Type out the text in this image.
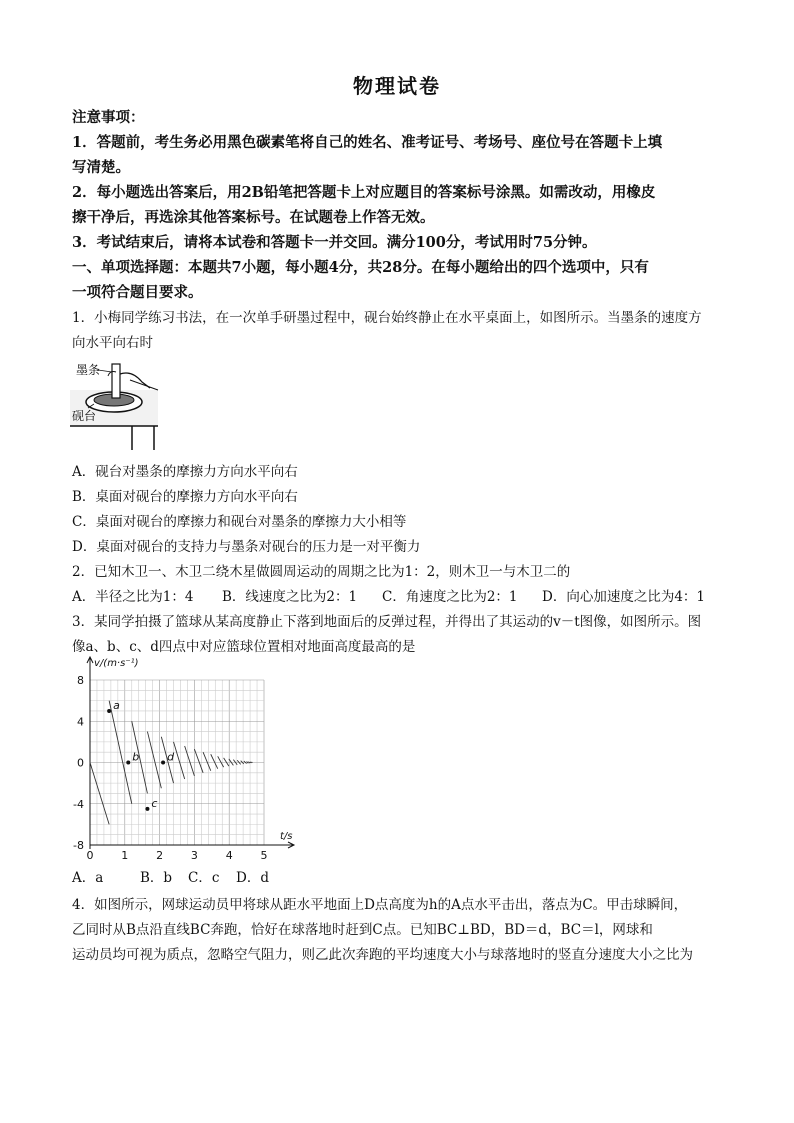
物理试卷
注意事项：
1．答题前，考生务必用黑色碳素笔将自己的姓名、准考证号、考场号、座位号在答题卡上填
写清楚。
2．每小题选出答案后，用2B铅笔把答题卡上对应题目的答案标号涂黑。如需改动，用橡皮
擦干净后，再选涂其他答案标号。在试题卷上作答无效。
3．考试结束后，请将本试卷和答题卡一并交回。满分100分，考试用时75分钟。
一、单项选择题：本题共7小题，每小题4分，共28分。在每小题给出的四个选项中，只有
一项符合题目要求。
1．小梅同学练习书法，在一次单手研墨过程中，砚台始终静止在水平桌面上，如图所示。当墨条的速度方
向水平向右时
墨条
砚台
A．砚台对墨条的摩擦力方向水平向右
B．桌面对砚台的摩擦力方向水平向右
C．桌面对砚台的摩擦力和砚台对墨条的摩擦力大小相等
D．桌面对砚台的支持力与墨条对砚台的压力是一对平衡力
2．已知木卫一、木卫二绕木星做圆周运动的周期之比为1：2，则木卫一与木卫二的
A．半径之比为1：4 B．线速度之比为2：1 C．角速度之比为2：1 D．向心加速度之比为4：1
3．某同学拍摄了篮球从某高度静止下落到地面后的反弹过程，并得出了其运动的v－t图像，如图所示。图
像a、b、c、d四点中对应篮球位置相对地面高度最高的是
v/(m·s⁻¹)
t/s
8
4
0
-4
-8
0	1	2	3	4	5
a
b
c
d
A．a	B．b C．c D．d
4．如图所示，网球运动员甲将球从距水平地面上D点高度为h的A点水平击出，落点为C。甲击球瞬间，
乙同时从B点沿直线BC奔跑，恰好在球落地时赶到C点。已知BC⊥BD，BD＝d，BC＝l，网球和
运动员均可视为质点，忽略空气阻力，则乙此次奔跑的平均速度大小与球落地时的竖直分速度大小之比为
